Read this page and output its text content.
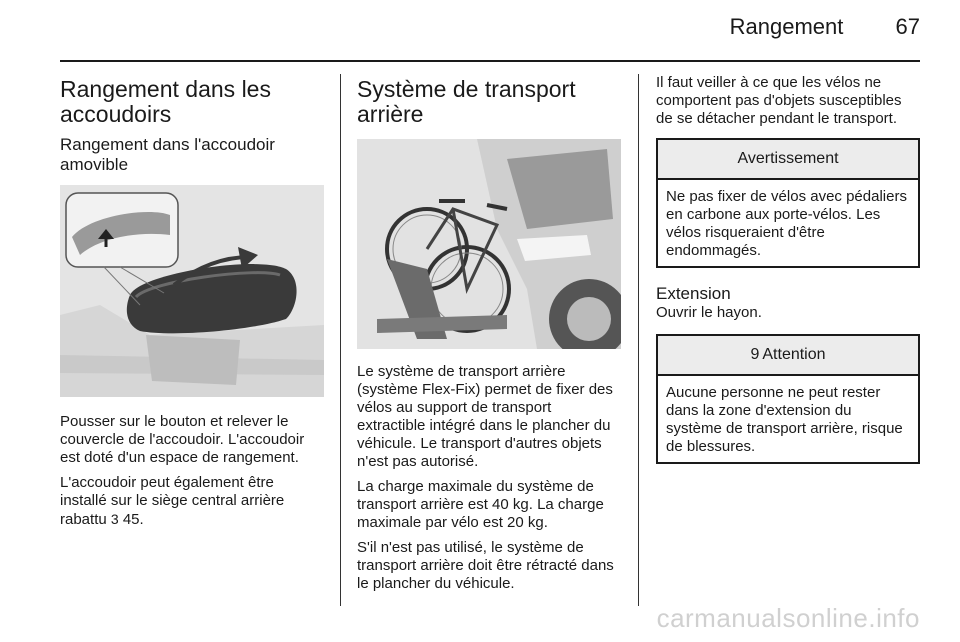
Rangement 67
Rangement dans les accoudoirs
Rangement dans l'accoudoir amovible

Pousser sur le bouton et relever le couvercle de l'accoudoir. L'accoudoir est doté d'un espace de rangement.

L'accoudoir peut également être installé sur le siège central arrière rabattu 3 45.

Système de transport arrière

Le système de transport arrière (système Flex-Fix) permet de fixer des vélos au support de transport extractible intégré dans le plancher du véhicule. Le transport d'autres objets n'est pas autorisé.

La charge maximale du système de transport arrière est 40 kg. La charge maximale par vélo est 20 kg.

S'il n'est pas utilisé, le système de transport arrière doit être rétracté dans le plancher du véhicule.

Il faut veiller à ce que les vélos ne comportent pas d'objets susceptibles de se détacher pendant le transport.

Avertissement

Ne pas fixer de vélos avec pédaliers en carbone aux porte-vélos. Les vélos risqueraient d'être endommagés.

Extension

Ouvrir le hayon.

9 Attention

Aucune personne ne peut rester dans la zone d'extension du système de transport arrière, risque de blessures.

carmanualsonline.info
